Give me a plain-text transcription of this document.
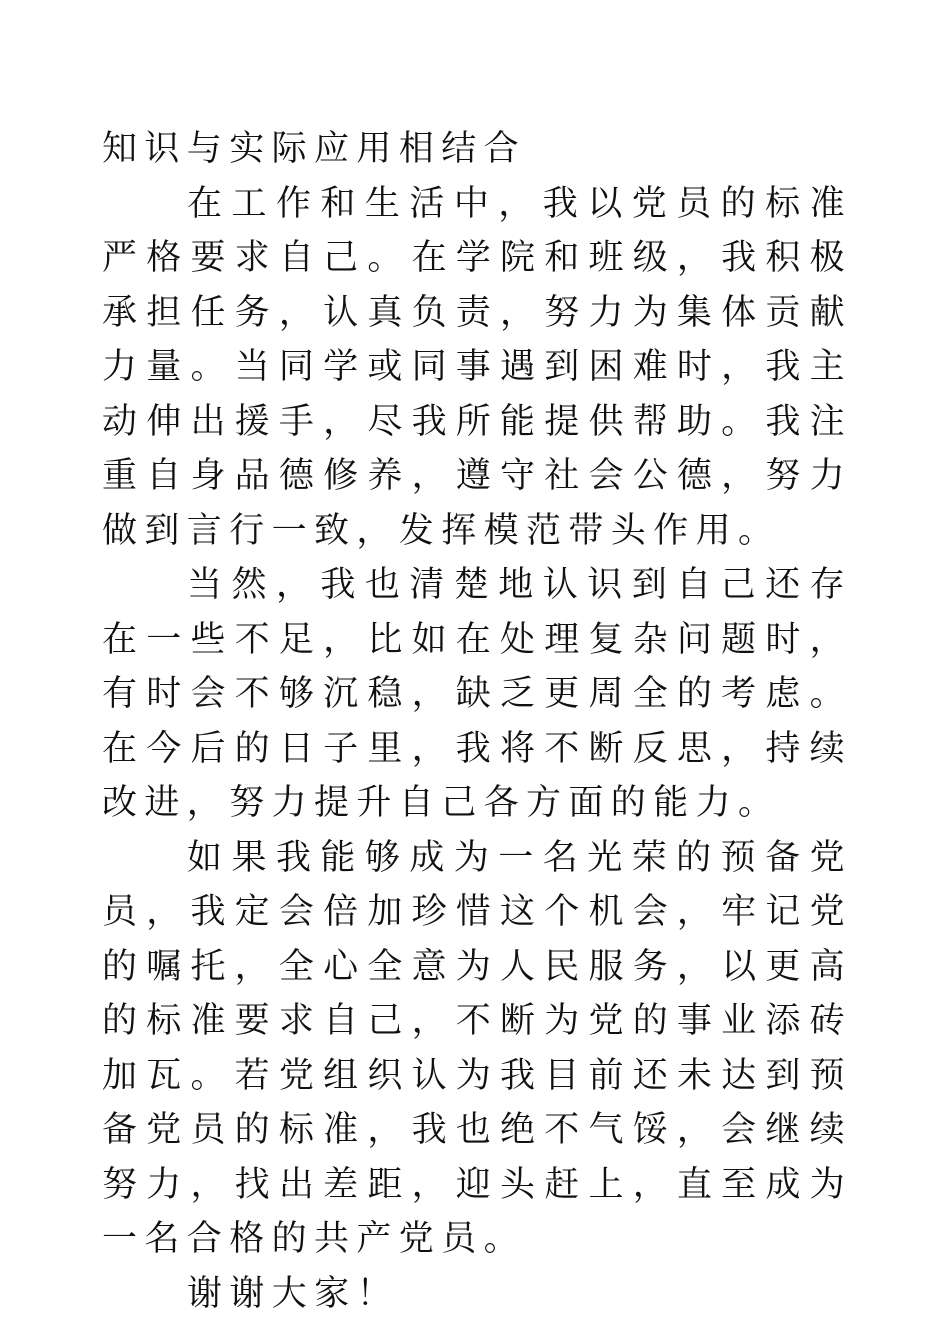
知识与实际应用相结合

在工作和生活中，我以党员的标准严格要求自己。在学院和班级，我积极承担任务，认真负责，努力为集体贡献力量。当同学或同事遇到困难时，我主动伸出援手，尽我所能提供帮助。我注重自身品德修养，遵守社会公德，努力做到言行一致，发挥模范带头作用。

当然，我也清楚地认识到自己还存在一些不足，比如在处理复杂问题时，有时会不够沉稳，缺乏更周全的考虑。在今后的日子里，我将不断反思，持续改进，努力提升自己各方面的能力。

如果我能够成为一名光荣的预备党员，我定会倍加珍惜这个机会，牢记党的嘱托，全心全意为人民服务，以更高的标准要求自己，不断为党的事业添砖加瓦。若党组织认为我目前还未达到预备党员的标准，我也绝不气馁，会继续努力，找出差距，迎头赶上，直至成为一名合格的共产党员。

谢谢大家！
